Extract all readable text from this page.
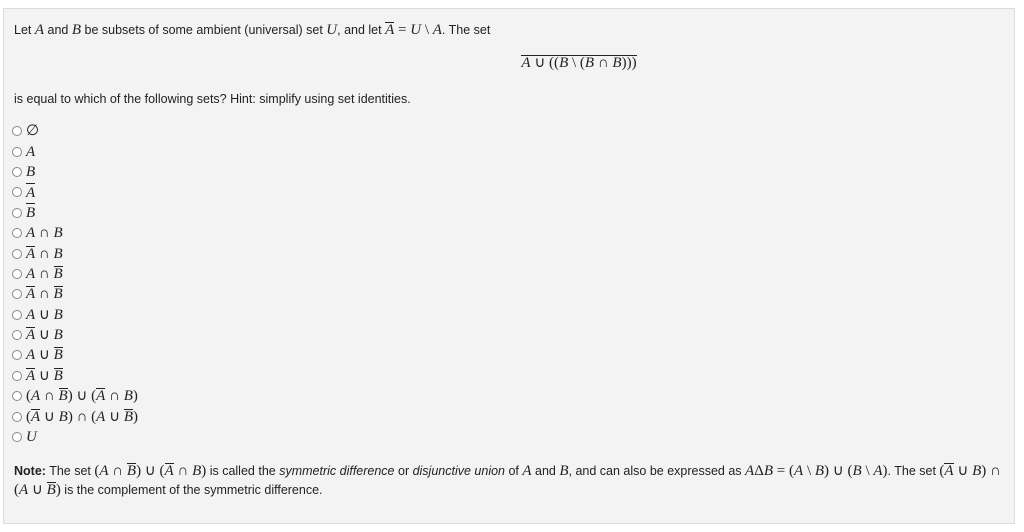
Let A and B be subsets of some ambient (universal) set U, and let A = U \ A. The set
A ∪ ((B \ (B ∩ B)))
is equal to which of the following sets? Hint: simplify using set identities.
∅
A
B
A
B
A ∩ B
A ∩ B
A ∩ B
A ∩ B
A ∪ B
A ∪ B
A ∪ B
A ∪ B
(A ∩ B) ∪ (A ∩ B)
(A ∪ B) ∩ (A ∪ B)
U
Note: The set (A ∩ B) ∪ (A ∩ B) is called the symmetric difference or disjunctive union of A and B, and can also be expressed as AΔB = (A \ B) ∪ (B \ A). The set (A ∪ B) ∩ (A ∪ B) is the complement of the symmetric difference.
